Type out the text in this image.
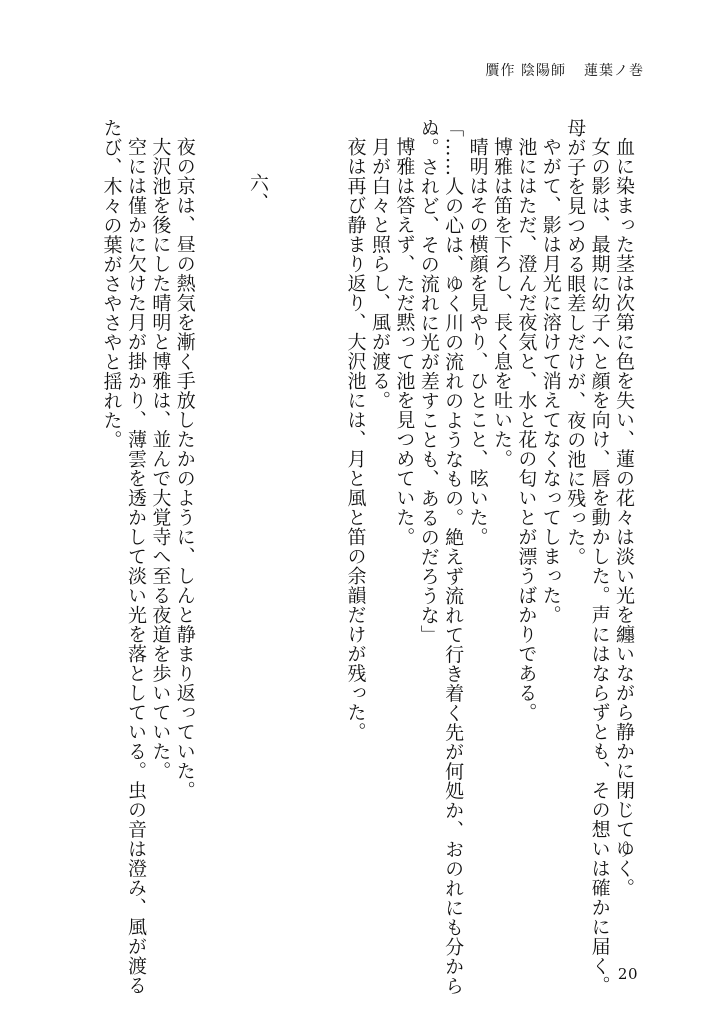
贋作 陰陽師 蓮葉ノ巻
血に染まった茎は次第に色を失い、蓮の花々は淡い光を纏いながら静かに閉じてゆく。
女の影は、最期に幼子へと顔を向け、唇を動かした。声にはならずとも、その想いは確かに届く。
母が子を見つめる眼差しだけが、夜の池に残った。
やがて、影は月光に溶けて消えてなくなってしまった。
池にはただ、澄んだ夜気と、水と花の匂いとが漂うばかりである。
博雅は笛を下ろし、長く息を吐いた。
晴明はその横顔を見やり、ひとこと、呟いた。
「……人の心は、ゆく川の流れのようなもの。絶えず流れて行き着く先が何処か、おのれにも分から
ぬ。されど、その流れに光が差すことも、あるのだろうな」
博雅は答えず、ただ黙って池を見つめていた。
月が白々と照らし、風が渡る。
夜は再び静まり返り、大沢池には、月と風と笛の余韻だけが残った。
六、
夜の京は、昼の熱気を漸く手放したかのように、しんと静まり返っていた。
大沢池を後にした晴明と博雅は、並んで大覚寺へ至る夜道を歩いていた。
空には僅かに欠けた月が掛かり、薄雲を透かして淡い光を落としている。虫の音は澄み、風が渡る
たび、木々の葉がさやさやと揺れた。
20
